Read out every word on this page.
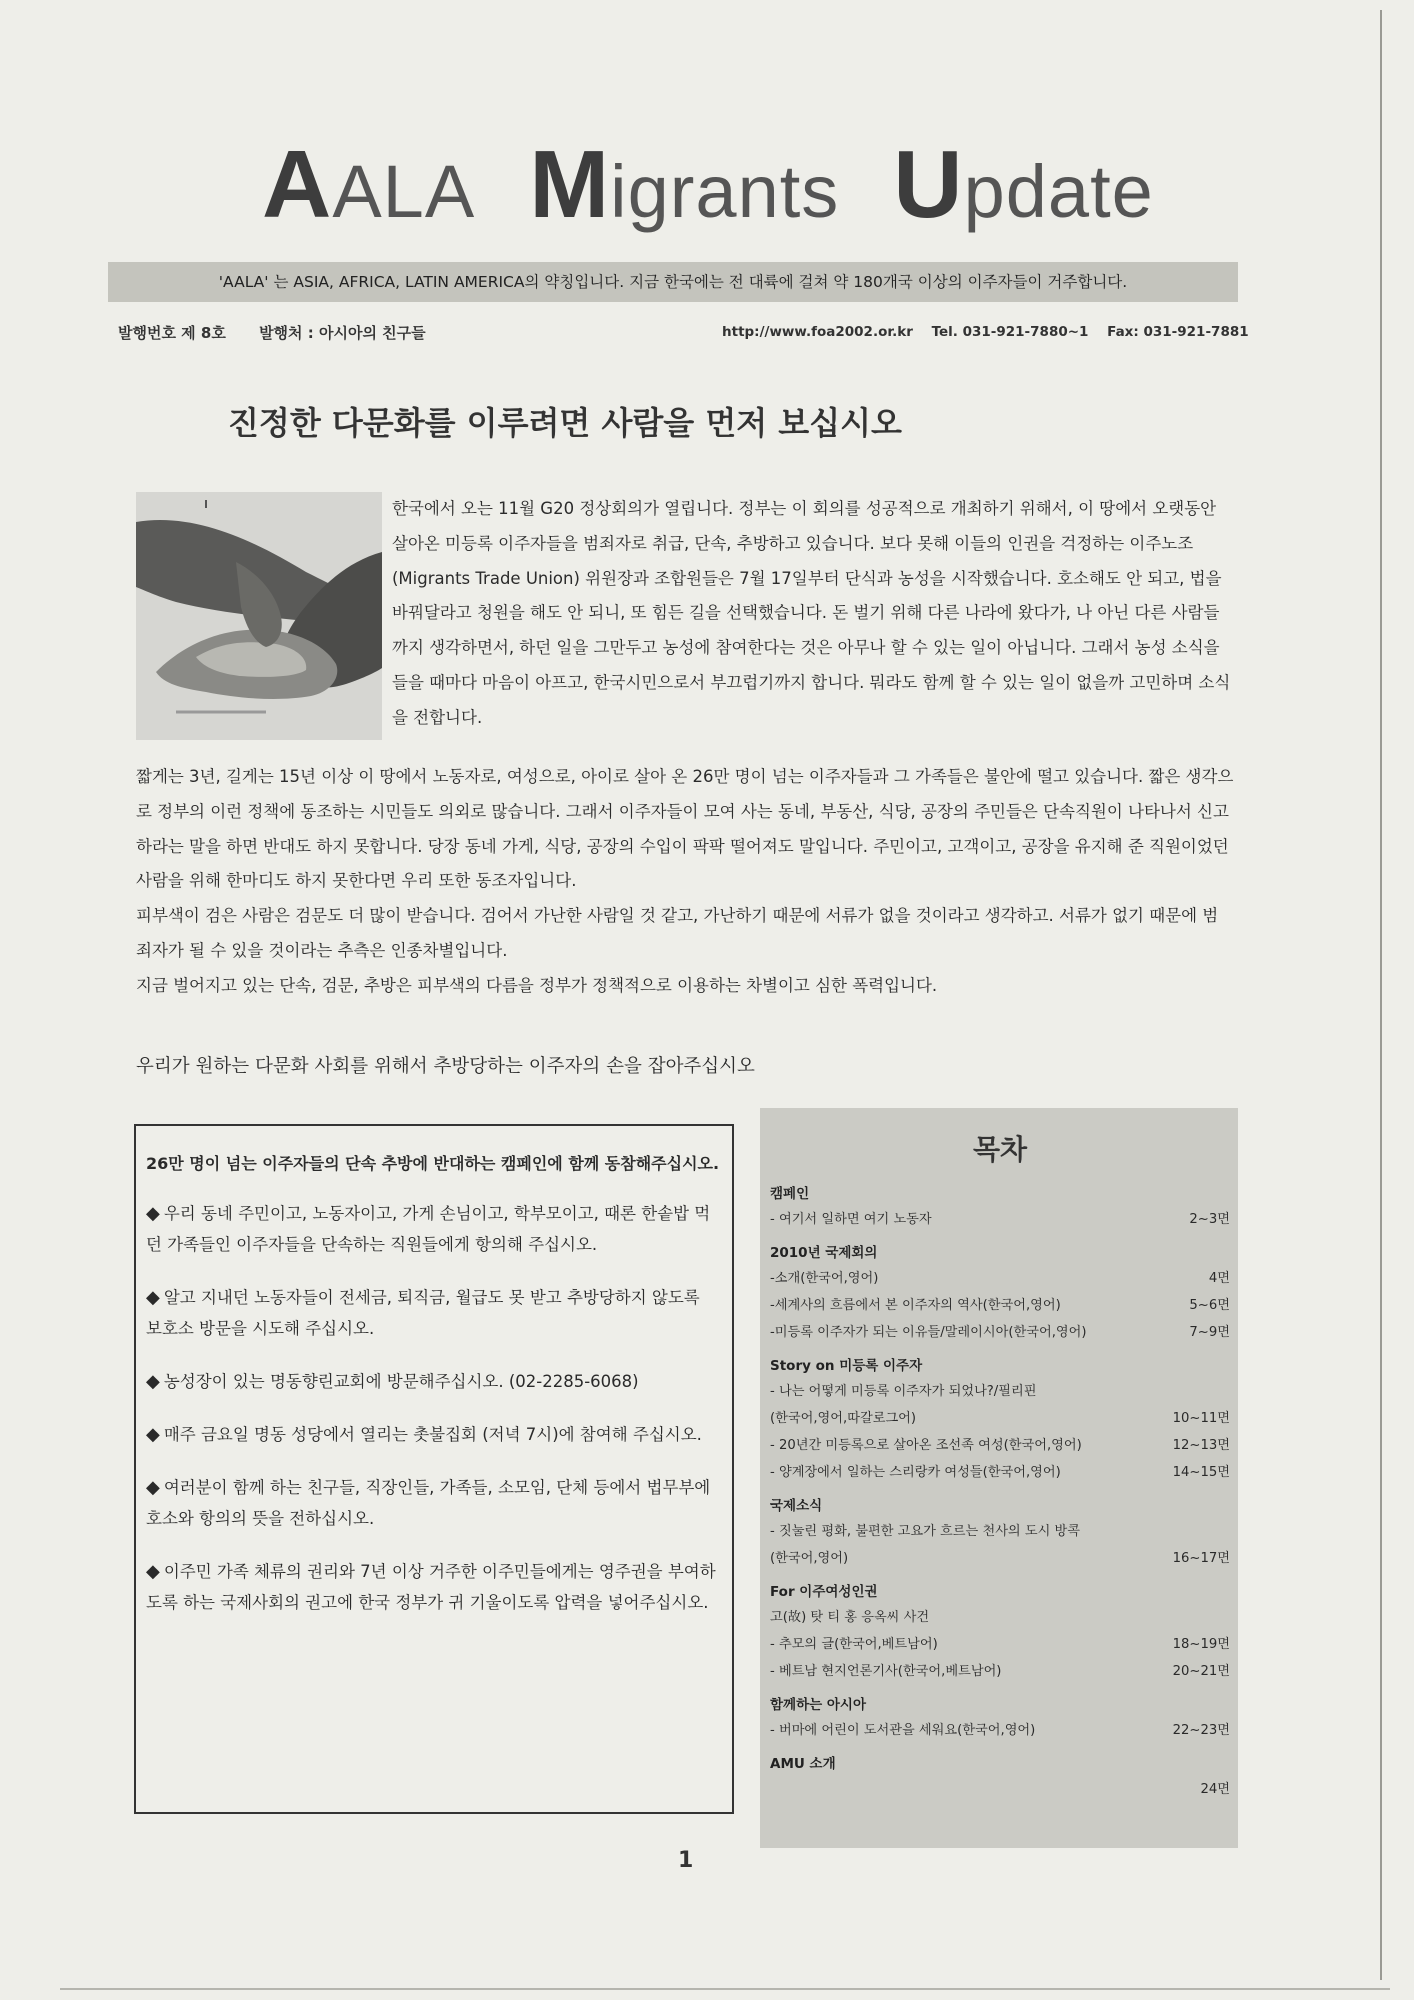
AALA Migrants Update
'AALA' 는 ASIA, AFRICA, LATIN AMERICA의 약칭입니다. 지금 한국에는 전 대륙에 걸쳐 약 180개국 이상의 이주자들이 거주합니다.
발행번호 제 8호 발행처 : 아시아의 친구들	http://www.foa2002.or.kr Tel. 031-921-7880~1 Fax: 031-921-7881
진정한 다문화를 이루려면 사람을 먼저 보십시오

한국에서 오는 11월 G20 정상회의가 열립니다. 정부는 이 회의를 성공적으로 개최하기 위해서, 이 땅에서 오랫동안 살아온 미등록 이주자들을 범죄자로 취급, 단속, 추방하고 있습니다. 보다 못해 이들의 인권을 걱정하는 이주노조(Migrants Trade Union) 위원장과 조합원들은 7월 17일부터 단식과 농성을 시작했습니다. 호소해도 안 되고, 법을 바꿔달라고 청원을 해도 안 되니, 또 힘든 길을 선택했습니다. 돈 벌기 위해 다른 나라에 왔다가, 나 아닌 다른 사람들까지 생각하면서, 하던 일을 그만두고 농성에 참여한다는 것은 아무나 할 수 있는 일이 아닙니다. 그래서 농성 소식을 들을 때마다 마음이 아프고, 한국시민으로서 부끄럽기까지 합니다. 뭐라도 함께 할 수 있는 일이 없을까 고민하며 소식을 전합니다.

짧게는 3년, 길게는 15년 이상 이 땅에서 노동자로, 여성으로, 아이로 살아 온 26만 명이 넘는 이주자들과 그 가족들은 불안에 떨고 있습니다. 짧은 생각으로 정부의 이런 정책에 동조하는 시민들도 의외로 많습니다. 그래서 이주자들이 모여 사는 동네, 부동산, 식당, 공장의 주민들은 단속직원이 나타나서 신고하라는 말을 하면 반대도 하지 못합니다. 당장 동네 가게, 식당, 공장의 수입이 팍팍 떨어져도 말입니다. 주민이고, 고객이고, 공장을 유지해 준 직원이었던 사람을 위해 한마디도 하지 못한다면 우리 또한 동조자입니다.

피부색이 검은 사람은 검문도 더 많이 받습니다. 검어서 가난한 사람일 것 같고, 가난하기 때문에 서류가 없을 것이라고 생각하고. 서류가 없기 때문에 범죄자가 될 수 있을 것이라는 추측은 인종차별입니다.

지금 벌어지고 있는 단속, 검문, 추방은 피부색의 다름을 정부가 정책적으로 이용하는 차별이고 심한 폭력입니다.

우리가 원하는 다문화 사회를 위해서 추방당하는 이주자의 손을 잡아주십시오

26만 명이 넘는 이주자들의 단속 추방에 반대하는 캠페인에 함께 동참해주십시오.

◆ 우리 동네 주민이고, 노동자이고, 가게 손님이고, 학부모이고, 때론 한솥밥 먹던 가족들인 이주자들을 단속하는 직원들에게 항의해 주십시오.

◆ 알고 지내던 노동자들이 전세금, 퇴직금, 월급도 못 받고 추방당하지 않도록 보호소 방문을 시도해 주십시오.

◆ 농성장이 있는 명동향린교회에 방문해주십시오. (02-2285-6068)

◆ 매주 금요일 명동 성당에서 열리는 촛불집회 (저녁 7시)에 참여해 주십시오.

◆ 여러분이 함께 하는 친구들, 직장인들, 가족들, 소모임, 단체 등에서 법무부에 호소와 항의의 뜻을 전하십시오.

◆ 이주민 가족 체류의 권리와 7년 이상 거주한 이주민들에게는 영주권을 부여하도록 하는 국제사회의 권고에 한국 정부가 귀 기울이도록 압력을 넣어주십시오.

목차
캠페인
- 여기서 일하면 여기 노동자	2~3면
2010년 국제회의
-소개(한국어,영어)	4면
-세계사의 흐름에서 본 이주자의 역사(한국어,영어)	5~6면
-미등록 이주자가 되는 이유들/말레이시아(한국어,영어)	7~9면
Story on 미등록 이주자
- 나는 어떻게 미등록 이주자가 되었나?/필리핀
(한국어,영어,따갈로그어)	10~11면
- 20년간 미등록으로 살아온 조선족 여성(한국어,영어)	12~13면
- 양계장에서 일하는 스리랑카 여성들(한국어,영어)	14~15면
국제소식
- 짓눌린 평화, 불편한 고요가 흐르는 천사의 도시 방콕
(한국어,영어)	16~17면
For 이주여성인권
고(故) 탓 티 홍 응옥씨 사건
- 추모의 글(한국어,베트남어)	18~19면
- 베트남 현지언론기사(한국어,베트남어)	20~21면
함께하는 아시아
- 버마에 어린이 도서관을 세워요(한국어,영어)	22~23면
AMU 소개
24면
1
